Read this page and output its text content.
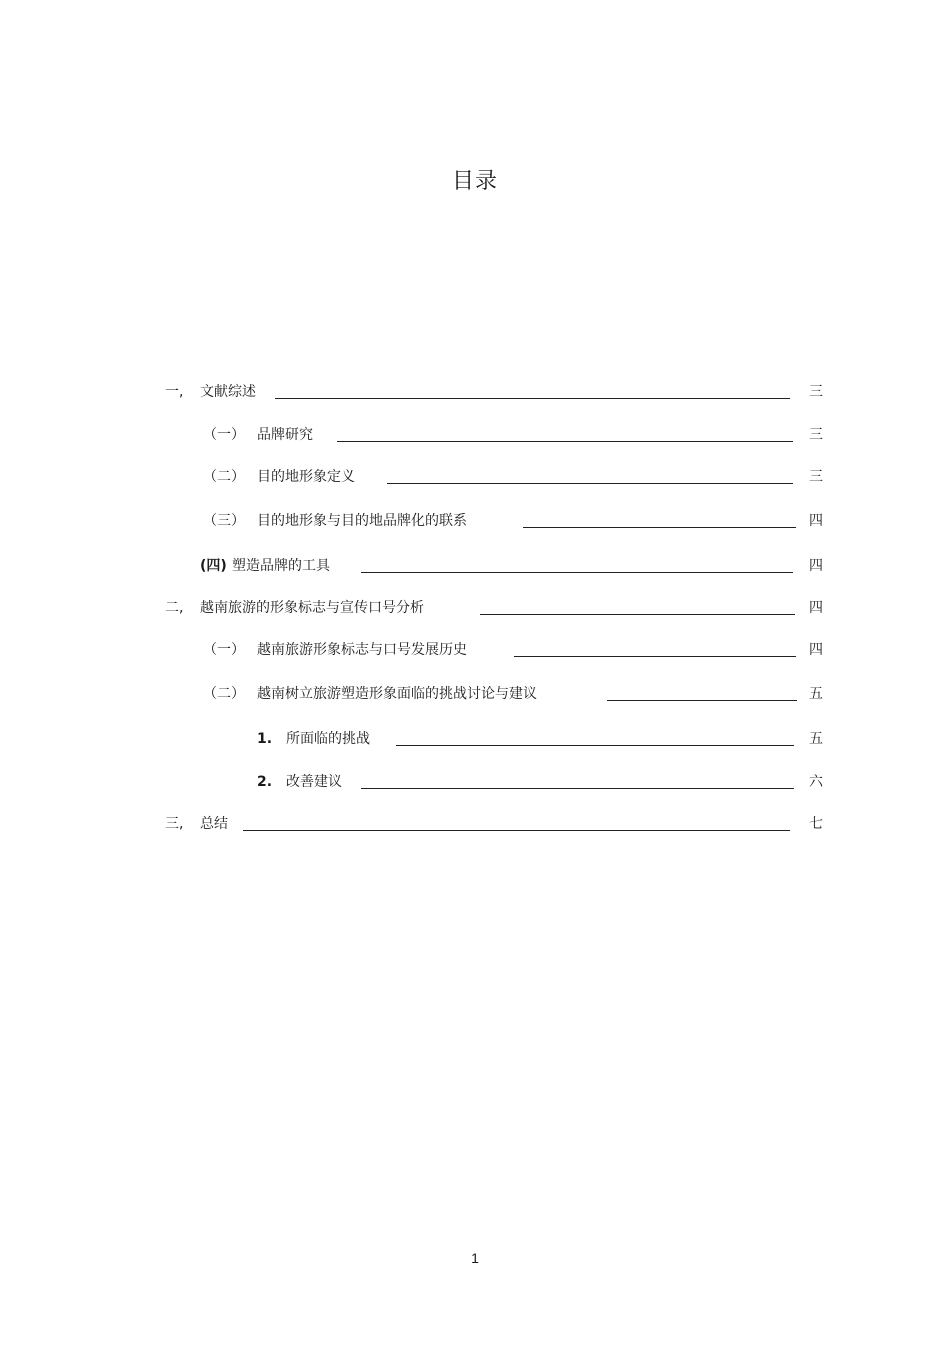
目录
一, 文献综述	三
（一） 品牌研究	三
（二） 目的地形象定义	三
（三） 目的地形象与目的地品牌化的联系	四
(四) 塑造品牌的工具	四
二, 越南旅游的形象标志与宣传口号分析	四
（一） 越南旅游形象标志与口号发展历史	四
（二） 越南树立旅游塑造形象面临的挑战讨论与建议	五
1. 所面临的挑战	五
2. 改善建议	六
三, 总结	七
1
